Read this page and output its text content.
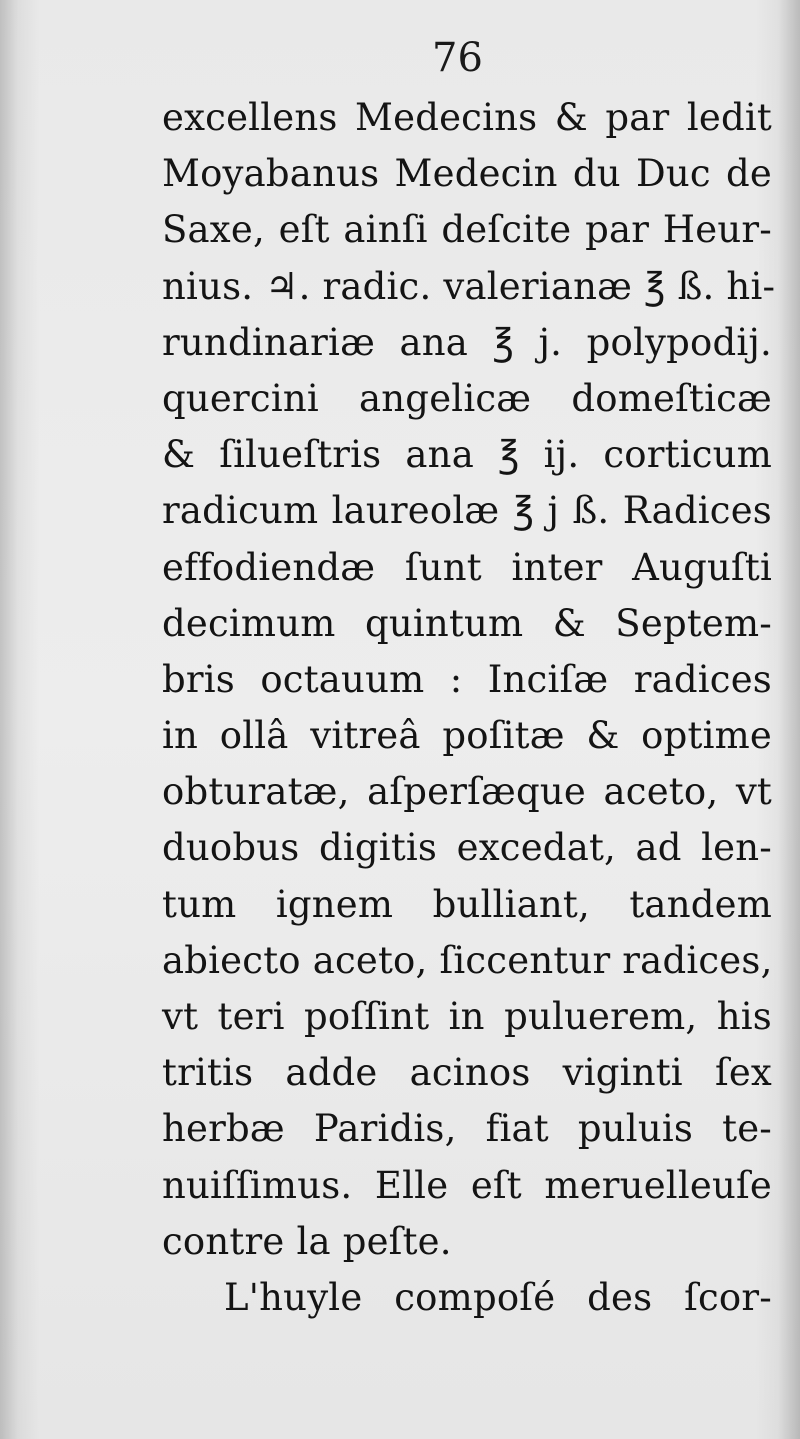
76
excellens Medecins & par ledit
Moyabanus Medecin du Duc de
Saxe, eſt ainſi deſcite par Heur-
nius. ♃. radic. valerianæ ℥ ß. hi-
rundinariæ ana ℥ j. polypodij.
quercini angelicæ domeſticæ
& ſilueſtris ana ℥ ij. corticum
radicum laureolæ ℥ j ß. Radices
effodiendæ ſunt inter Auguſti
decimum quintum & Septem-
bris octauum : Inciſæ radices
in ollâ vitreâ poſitæ & optime
obturatæ, aſperſæque aceto, vt
duobus digitis excedat, ad len-
tum ignem bulliant, tandem
abiecto aceto, ſiccentur radices,
vt teri poſſint in puluerem, his
tritis adde acinos viginti ſex
herbæ Paridis, fiat puluis te-
nuiſſimus. Elle eſt meruelleuſe
contre la peſte.
L'huyle compoſé des ſcor-
